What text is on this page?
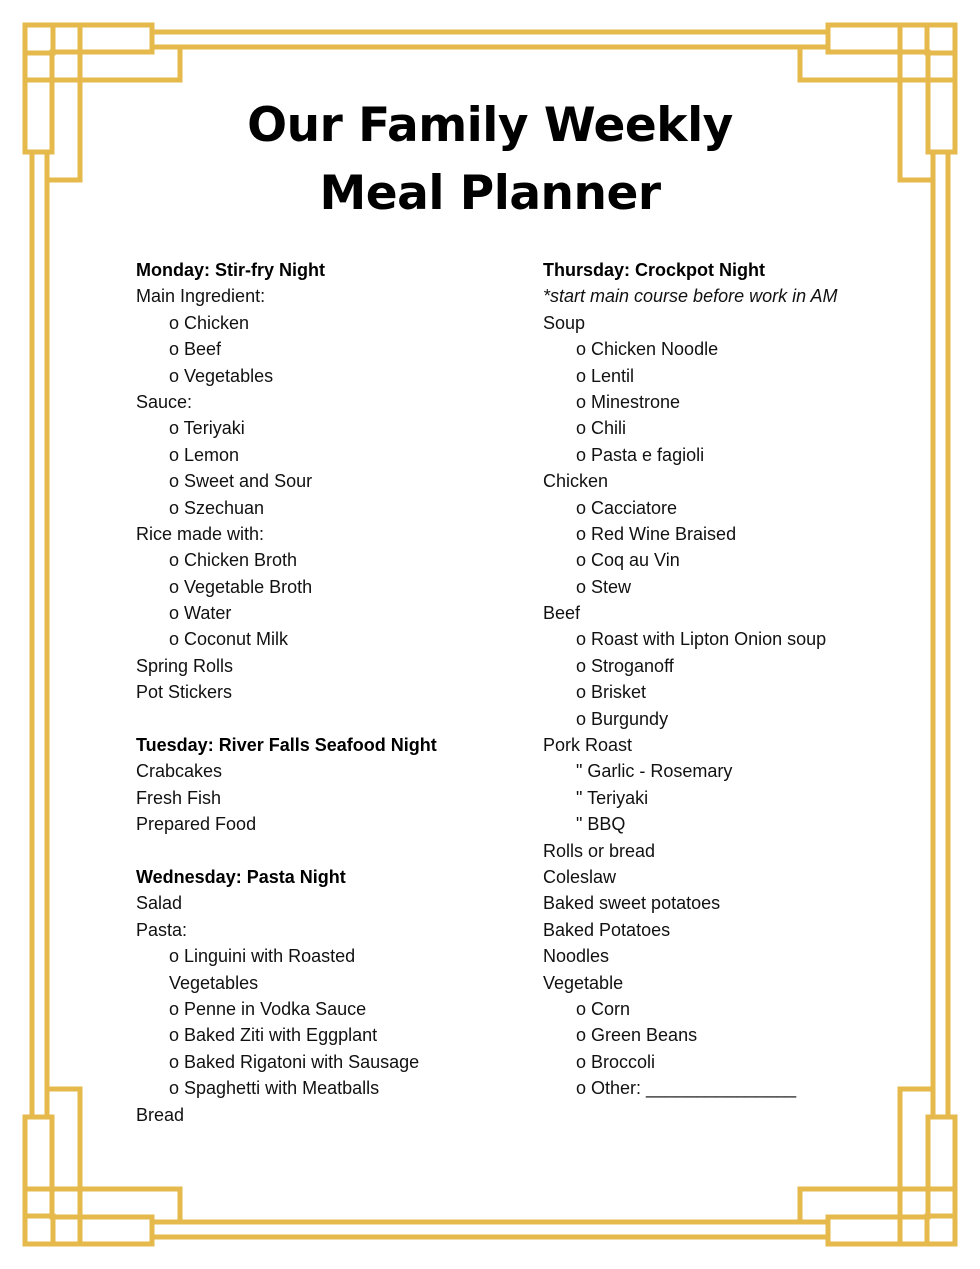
Our Family Weekly
Meal Planner
Monday: Stir-fry Night
Main Ingredient:
o Chicken
o Beef
o Vegetables
Sauce:
o Teriyaki
o Lemon
o Sweet and Sour
o Szechuan
Rice made with:
o Chicken Broth
o Vegetable Broth
o Water
o Coconut Milk
Spring Rolls
Pot Stickers
Tuesday: River Falls Seafood Night
Crabcakes
Fresh Fish
Prepared Food
Wednesday: Pasta Night
Salad
Pasta:
o Linguini with Roasted
Vegetables
o Penne in Vodka Sauce
o Baked Ziti with Eggplant
o Baked Rigatoni with Sausage
o Spaghetti with Meatballs
Bread
Thursday: Crockpot Night
*start main course before work in AM
Soup
o Chicken Noodle
o Lentil
o Minestrone
o Chili
o Pasta e fagioli
Chicken
o Cacciatore
o Red Wine Braised
o Coq au Vin
o Stew
Beef
o Roast with Lipton Onion soup
o Stroganoff
o Brisket
o Burgundy
Pork Roast
" Garlic - Rosemary
" Teriyaki
" BBQ
Rolls or bread
Coleslaw
Baked sweet potatoes
Baked Potatoes
Noodles
Vegetable
o Corn
o Green Beans
o Broccoli
o Other: _______________
